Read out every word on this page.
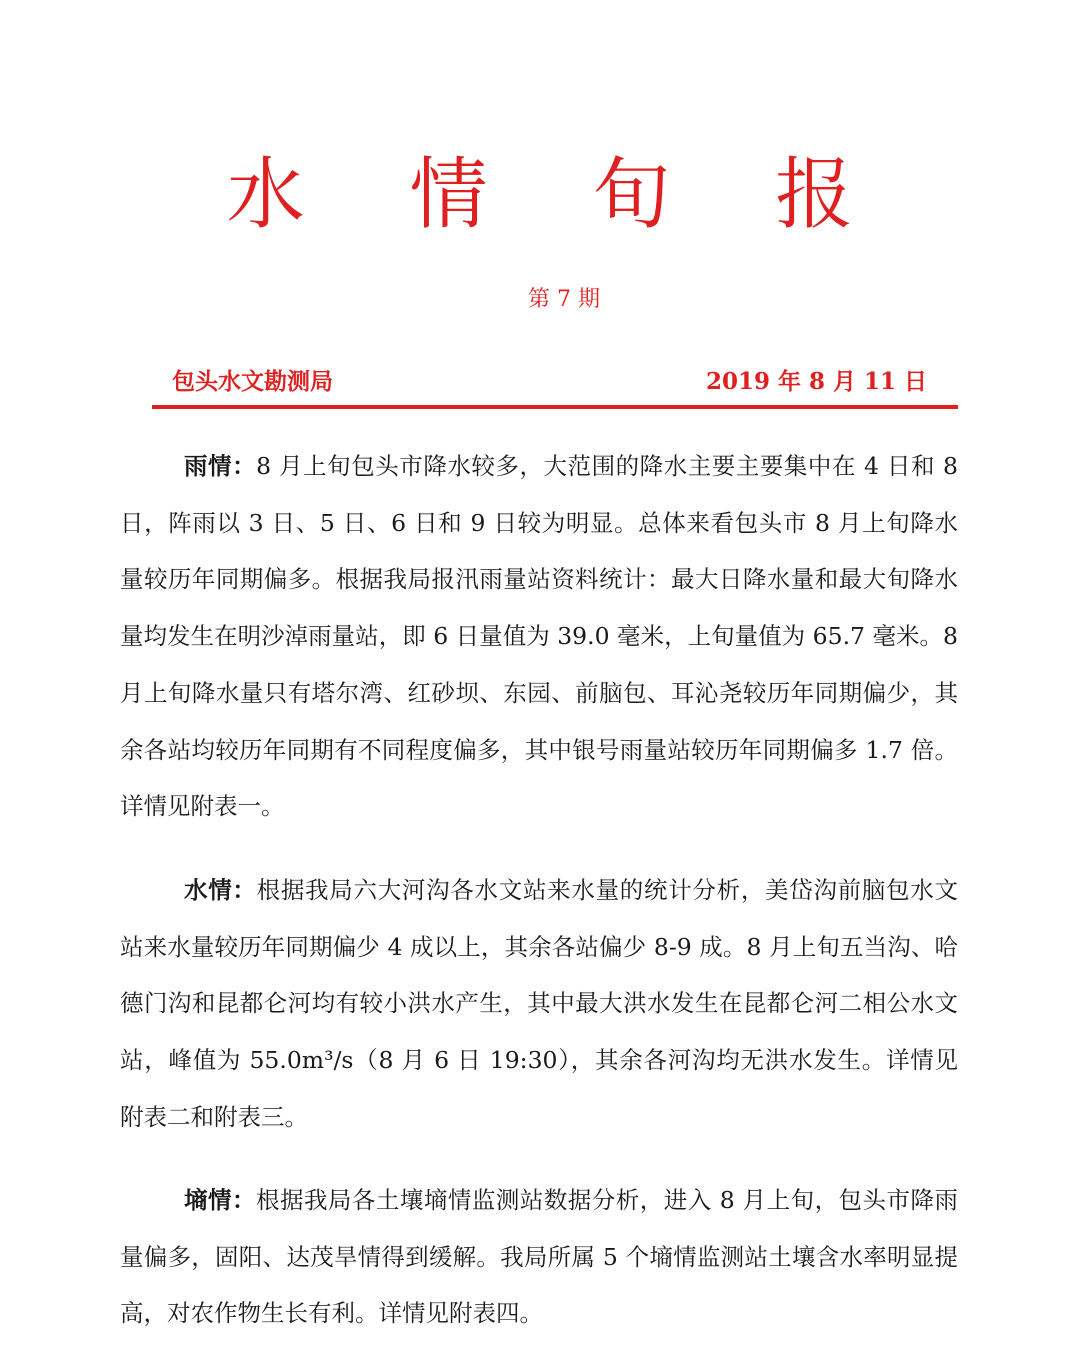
水 情 旬 报
第 7 期
包头水文勘测局	2019 年 8 月 11 日
雨情：8 月上旬包头市降水较多，大范围的降水主要主要集中在 4 日和 8 日，阵雨以 3 日、5 日、6 日和 9 日较为明显。总体来看包头市 8 月上旬降水量较历年同期偏多。根据我局报汛雨量站资料统计：最大日降水量和最大旬降水量均发生在明沙淖雨量站，即 6 日量值为 39.0 毫米，上旬量值为 65.7 毫米。8 月上旬降水量只有塔尔湾、红砂坝、东园、前脑包、耳沁尧较历年同期偏少，其余各站均较历年同期有不同程度偏多，其中银号雨量站较历年同期偏多 1.7 倍。详情见附表一。
水情：根据我局六大河沟各水文站来水量的统计分析，美岱沟前脑包水文站来水量较历年同期偏少 4 成以上，其余各站偏少 8-9 成。8 月上旬五当沟、哈德门沟和昆都仑河均有较小洪水产生，其中最大洪水发生在昆都仑河二相公水文站，峰值为 55.0m³/s（8 月 6 日 19:30），其余各河沟均无洪水发生。详情见附表二和附表三。
墒情：根据我局各土壤墒情监测站数据分析，进入 8 月上旬，包头市降雨量偏多，固阳、达茂旱情得到缓解。我局所属 5 个墒情监测站土壤含水率明显提高，对农作物生长有利。详情见附表四。
